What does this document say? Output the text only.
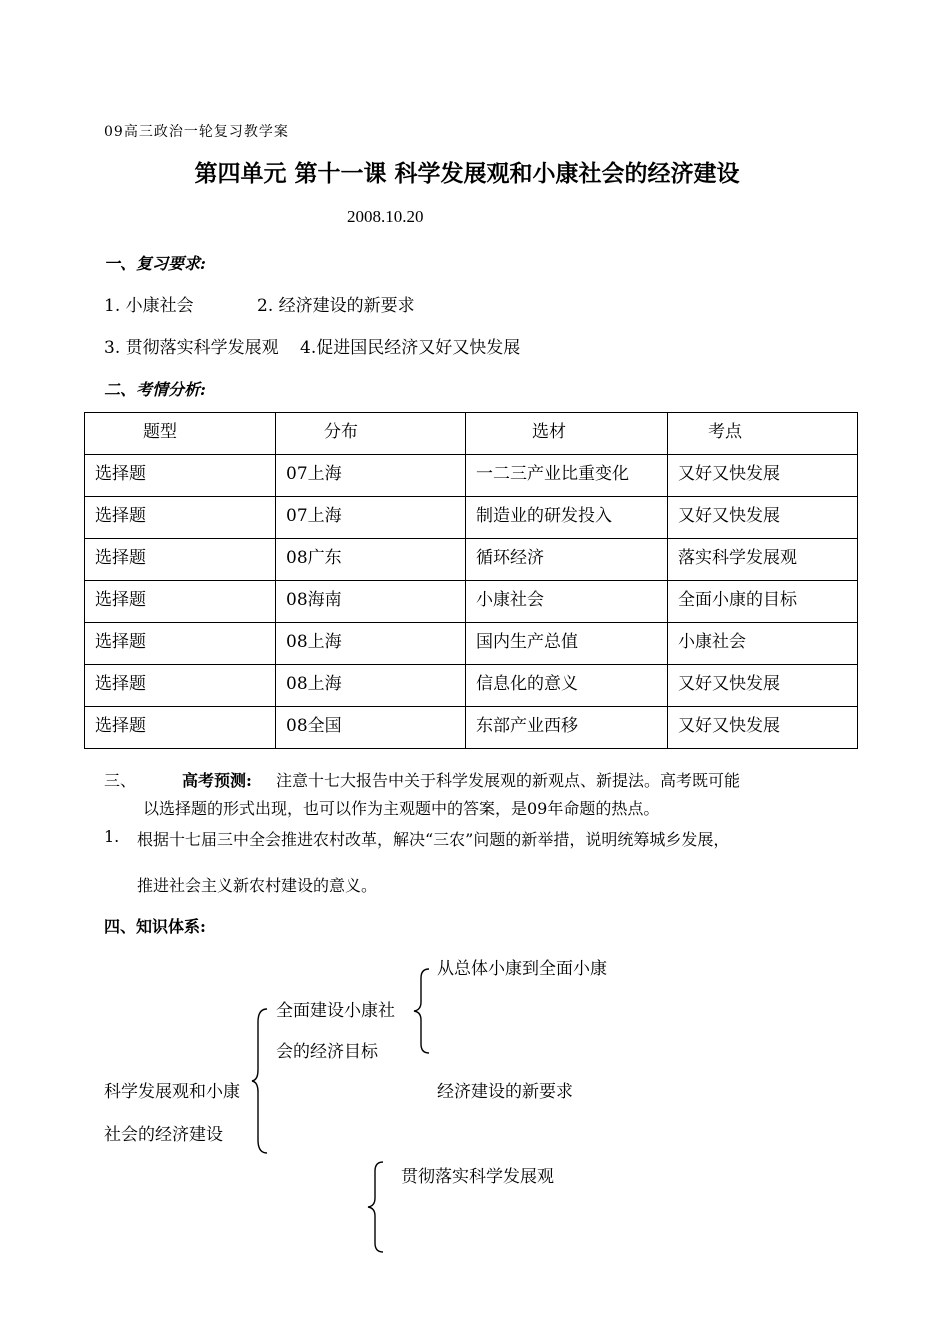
09高三政治一轮复习教学案
第四单元 第十一课 科学发展观和小康社会的经济建设
2008.10.20
一、复习要求:
1. 小康社会	2. 经济建设的新要求
3. 贯彻落实科学发展观 4.促进国民经济又好又快发展
二、考情分析:
题型	分布	选材	考点
选择题	07上海	一二三产业比重变化	又好又快发展
选择题	07上海	制造业的研发投入	又好又快发展
选择题	08广东	循环经济	落实科学发展观
选择题	08海南	小康社会	全面小康的目标
选择题	08上海	国内生产总值	小康社会
选择题	08上海	信息化的意义	又好又快发展
选择题	08全国	东部产业西移	又好又快发展
三、	高考预测: 注意十七大报告中关于科学发展观的新观点、新提法。高考既可能
以选择题的形式出现，也可以作为主观题中的答案，是09年命题的热点。
1. 根据十七届三中全会推进农村改革，解决“三农”问题的新举措，说明统筹城乡发展，
推进社会主义新农村建设的意义。
四、知识体系:
科学发展观和小康
社会的经济建设
全面建设小康社
会的经济目标
从总体小康到全面小康
经济建设的新要求
贯彻落实科学发展观
